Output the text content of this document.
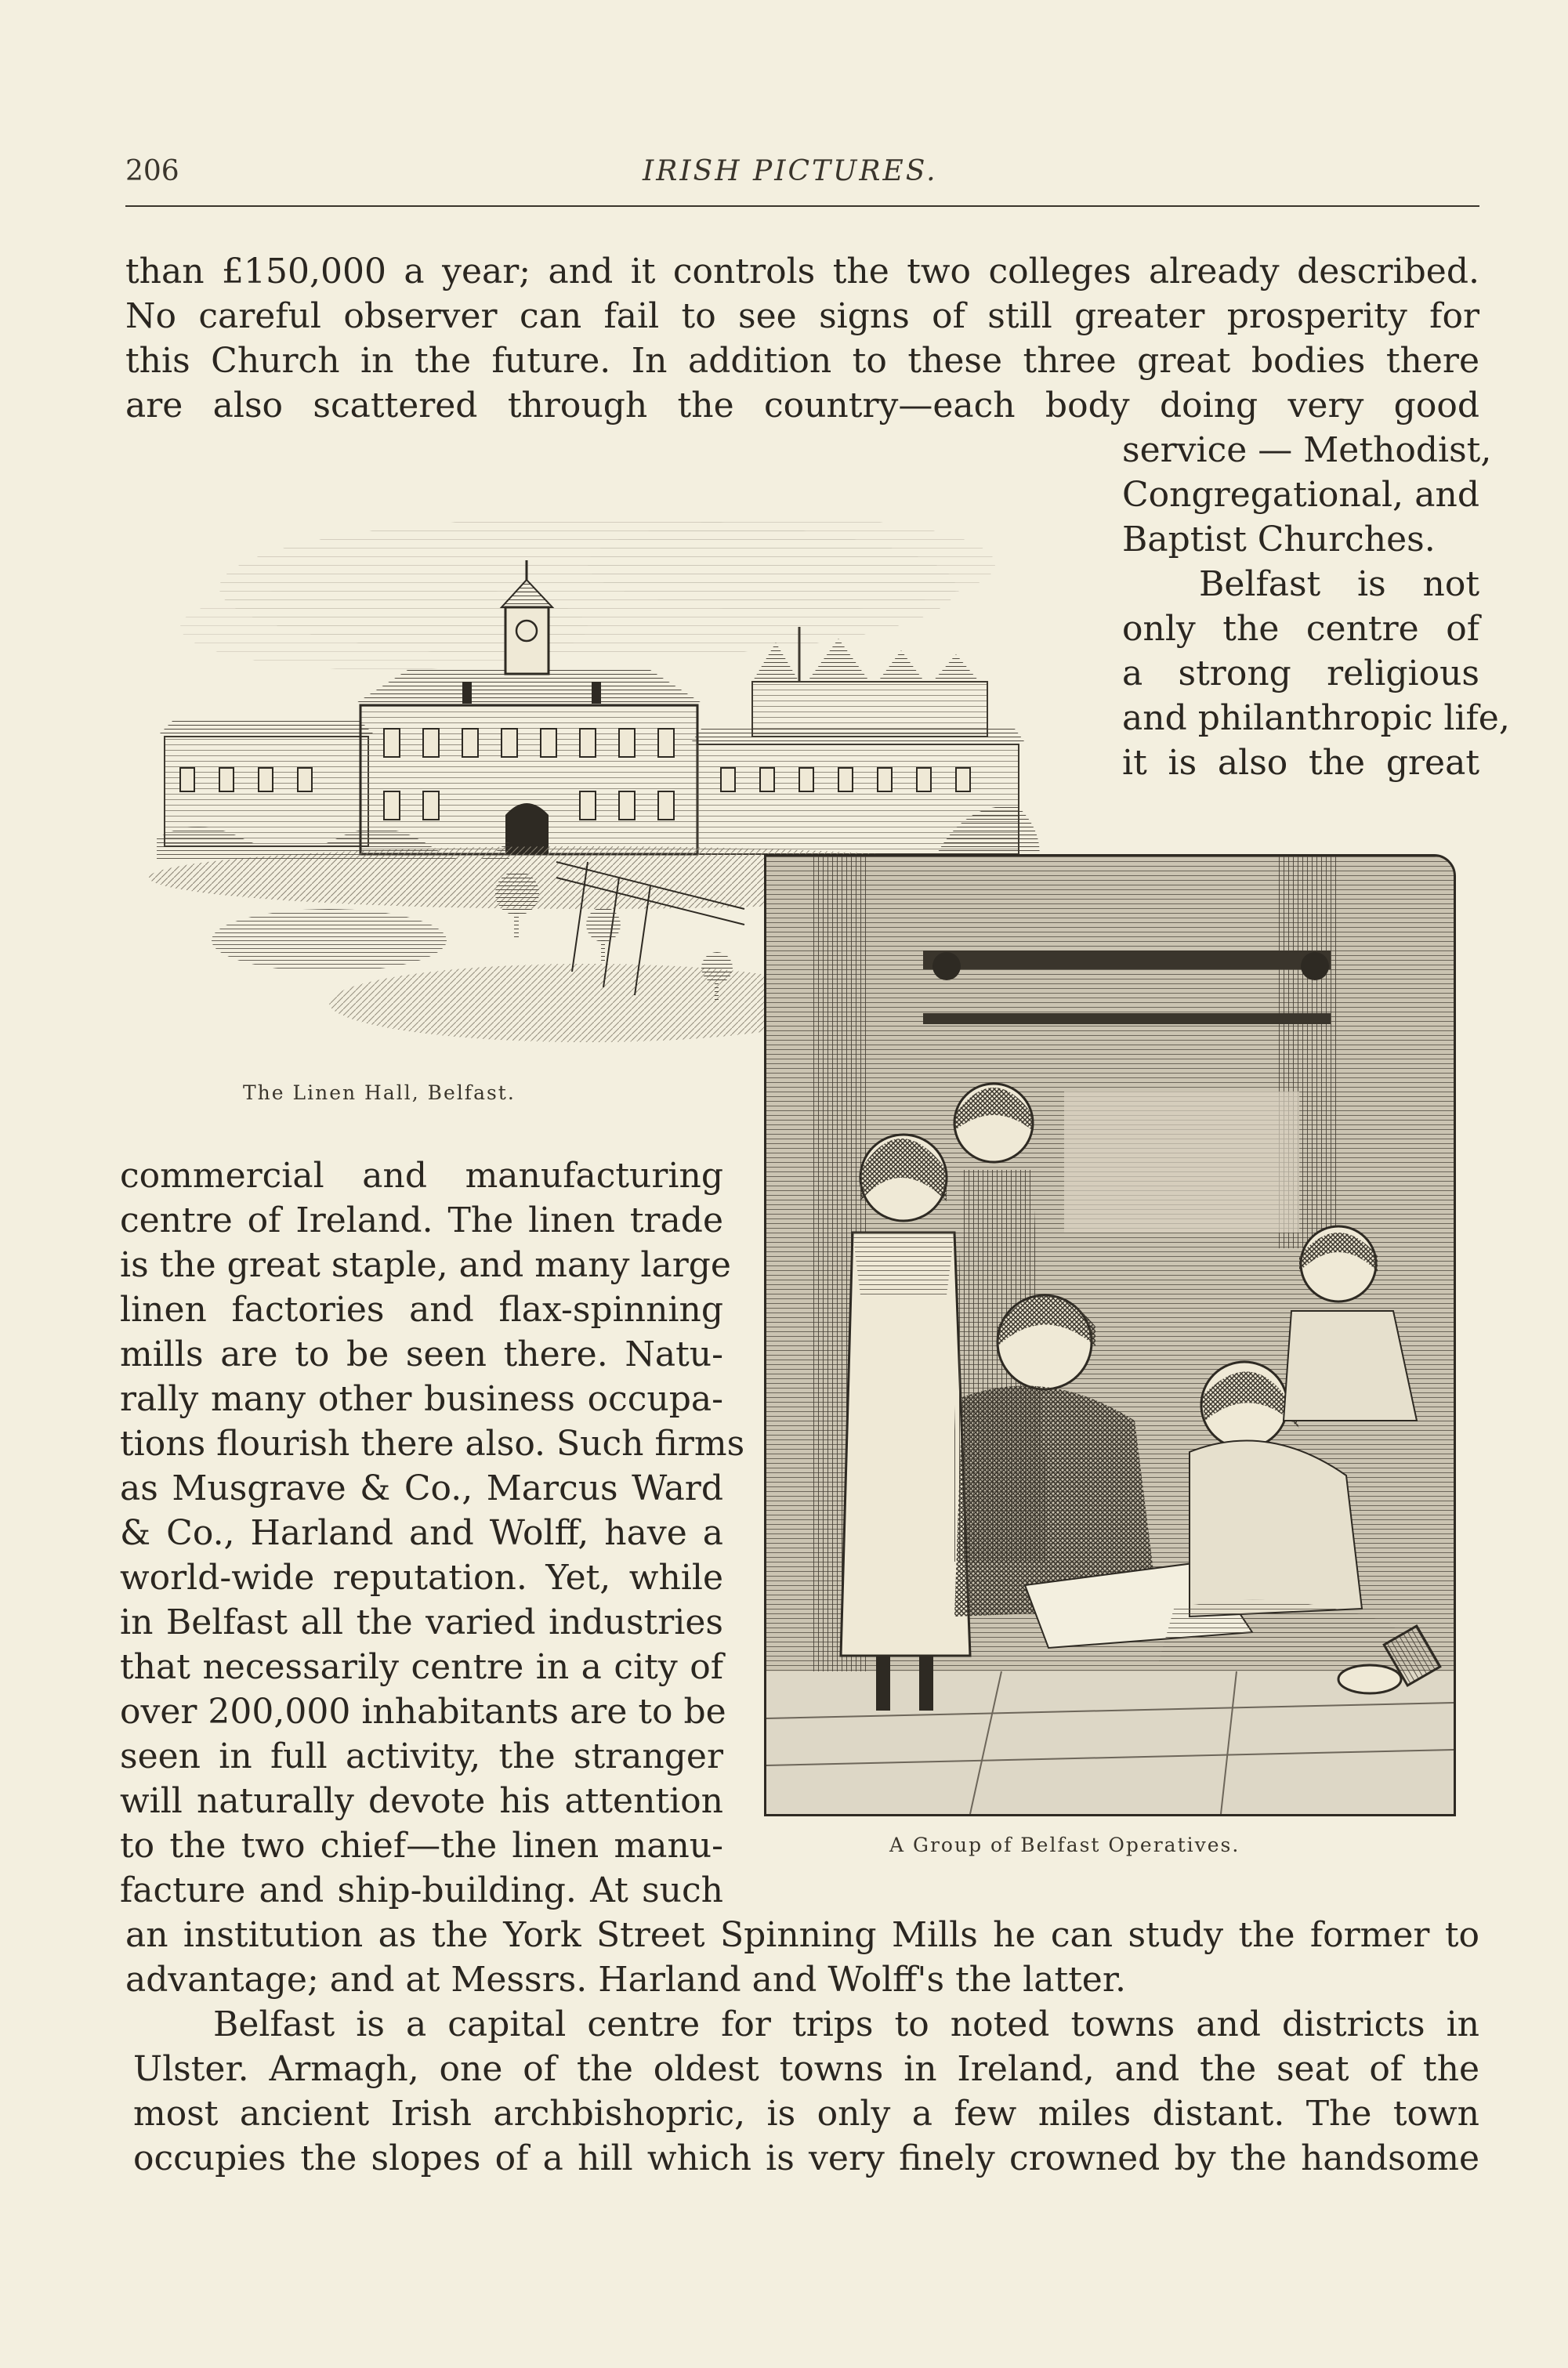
206	IRISH PICTURES.
than £150,000 a year; and it controls the two colleges already described.
No careful observer can fail to see signs of still greater prosperity for
this Church in the future. In addition to these three great bodies there
are also scattered through the country—each body doing very good
service — Methodist,
Congregational, and
Baptist Churches.
Belfast is not
only the centre of
a strong religious
and philanthropic life,
it is also the great
commercial and manufacturing
centre of Ireland. The linen trade
is the great staple, and many large
linen factories and flax-spinning
mills are to be seen there. Natu-
rally many other business occupa-
tions flourish there also. Such firms
as Musgrave & Co., Marcus Ward
& Co., Harland and Wolff, have a
world-wide reputation. Yet, while
in Belfast all the varied industries
that necessarily centre in a city of
over 200,000 inhabitants are to be
seen in full activity, the stranger
will naturally devote his attention
to the two chief—the linen manu-
facture and ship-building. At such
an institution as the York Street Spinning Mills he can study the former to
advantage; and at Messrs. Harland and Wolff's the latter.
Belfast is a capital centre for trips to noted towns and districts in
Ulster. Armagh, one of the oldest towns in Ireland, and the seat of the
most ancient Irish archbishopric, is only a few miles distant. The town
occupies the slopes of a hill which is very finely crowned by the handsome
The Linen Hall, Belfast.
A Group of Belfast Operatives.
